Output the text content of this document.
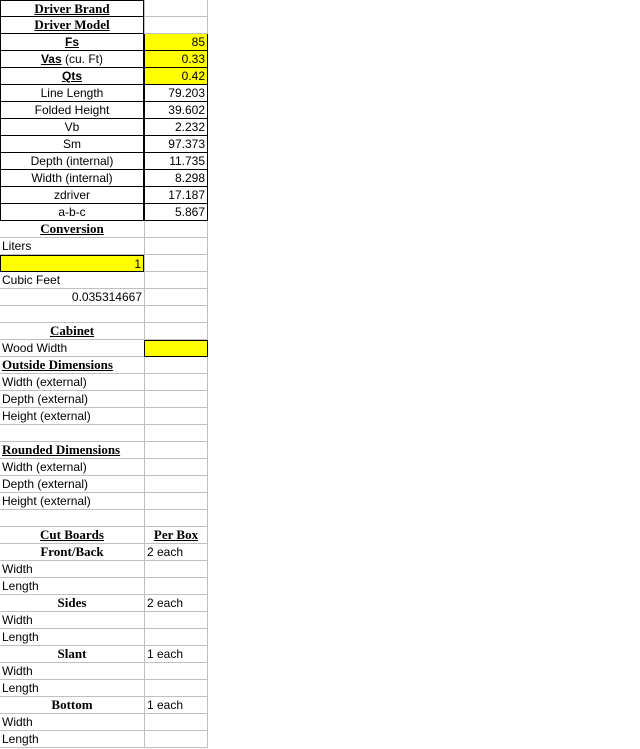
Driver Brand
Driver Model
Fs	85
Vas (cu. Ft)	0.33
Qts	0.42
Line Length	79.203
Folded Height	39.602
Vb	2.232
Sm	97.373
Depth (internal)	11.735
Width (internal)	8.298
zdriver	17.187
a-b-c	5.867
Conversion
Liters
1
Cubic Feet
0.035314667
Cabinet
Wood Width
Outside Dimensions
Width (external)
Depth (external)
Height (external)
Rounded Dimensions
Width (external)
Depth (external)
Height (external)
Cut Boards	Per Box
Front/Back	2 each
Width
Length
Sides	2 each
Width
Length
Slant	1 each
Width
Length
Bottom	1 each
Width
Length
